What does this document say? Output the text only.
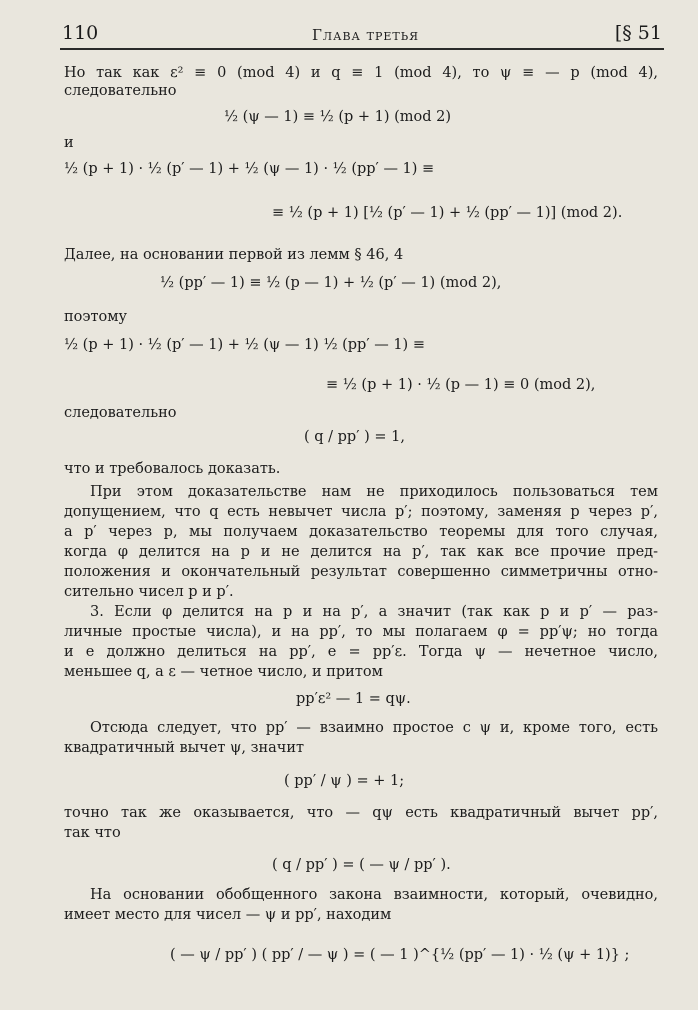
110	Глава третья	[§ 51
Но так как ε² ≡ 0 (mod 4) и q ≡ 1 (mod 4), то ψ ≡ — p (mod 4),
следовательно
½ (ψ — 1) ≡ ½ (p + 1) (mod 2)
и
½ (p + 1) · ½ (p′ — 1) + ½ (ψ — 1) · ½ (pp′ — 1) ≡
≡ ½ (p + 1) [½ (p′ — 1) + ½ (pp′ — 1)] (mod 2).
Далее, на основании первой из лемм § 46, 4
½ (pp′ — 1) ≡ ½ (p — 1) + ½ (p′ — 1) (mod 2),
поэтому
½ (p + 1) · ½ (p′ — 1) + ½ (ψ — 1) ½ (pp′ — 1) ≡
≡ ½ (p + 1) · ½ (p — 1) ≡ 0 (mod 2),
следовательно
( q / pp′ ) = 1,
что и требовалось доказать.
При этом доказательстве нам не приходилось пользоваться тем
допущением, что q есть невычет числа p′; поэтому, заменяя p через p′,
а p′ через p, мы получаем доказательство теоремы для того случая,
когда φ делится на p и не делится на p′, так как все прочие пред-
положения и окончательный результат совершенно симметричны отно-
сительно чисел p и p′.
3. Если φ делится на p и на p′, а значит (так как p и p′ — раз-
личные простые числа), и на pp′, то мы полагаем φ = pp′ψ; но тогда
и e должно делиться на pp′, e = pp′ε. Тогда ψ — нечетное число,
меньшее q, а ε — четное число, и притом
pp′ε² — 1 = qψ.
Отсюда следует, что pp′ — взаимно простое с ψ и, кроме того, есть
квадратичный вычет ψ, значит
( pp′ / ψ ) = + 1;
точно так же оказывается, что — qψ есть квадратичный вычет pp′,
так что
( q / pp′ ) = ( — ψ / pp′ ).
На основании обобщенного закона взаимности, который, очевидно,
имеет место для чисел — ψ и pp′, находим
( — ψ / pp′ ) ( pp′ / — ψ ) = ( — 1 )^{½ (pp′ — 1) · ½ (ψ + 1)} ;
